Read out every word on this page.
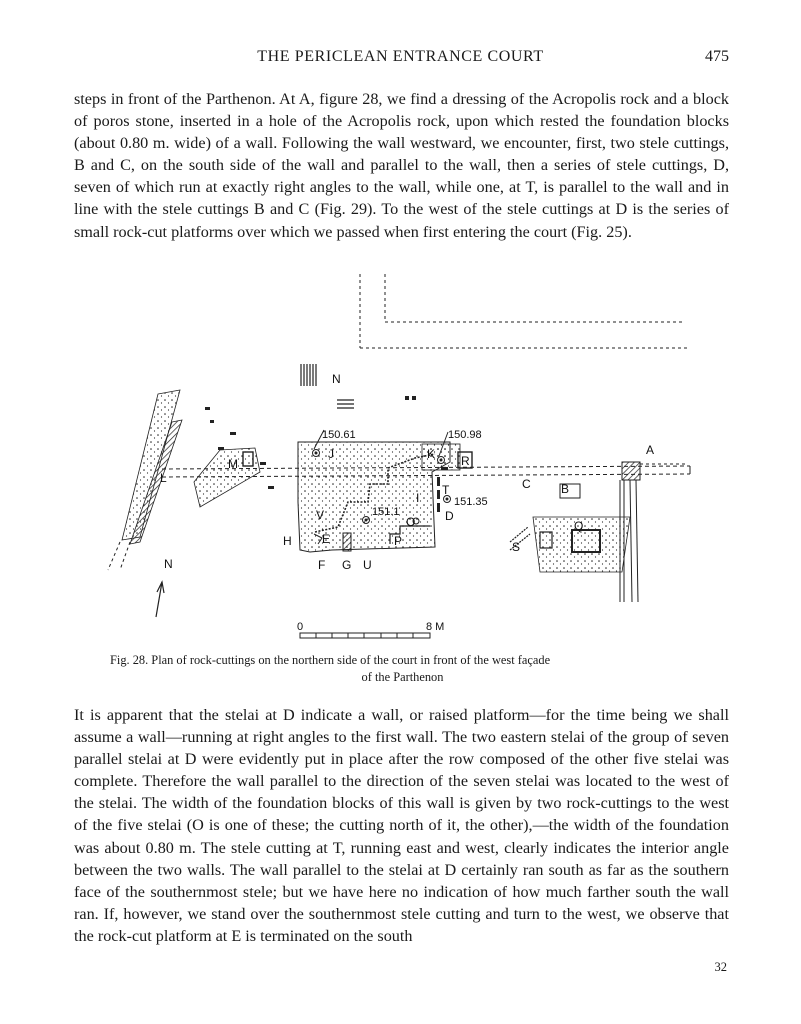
THE PERICLEAN ENTRANCE COURT	475

steps in front of the Parthenon. At A, figure 28, we find a dressing of the Acropolis rock and a block of poros stone, inserted in a hole of the Acropolis rock, upon which rested the foundation blocks (about 0.80 m. wide) of a wall. Following the wall westward, we encounter, first, two stele cuttings, B and C, on the south side of the wall and parallel to the wall, then a series of stele cuttings, D, seven of which run at exactly right angles to the wall, while one, at T, is parallel to the wall and in line with the stele cuttings B and C (Fig. 29). To the west of the stele cuttings at D is the series of small rock-cut platforms over which we passed when first entering the court (Fig. 25).

A
B
C
D
E
F G
H
I
J	K
L
M
N
N
O
P
Q
R
S
T
U
V
150.61	150.98
151.35
151.1
0	8 M
Fig. 28. Plan of rock-cuttings on the northern side of the court in front of the west façade
of the Parthenon

It is apparent that the stelai at D indicate a wall, or raised platform—for the time being we shall assume a wall—running at right angles to the first wall. The two eastern stelai of the group of seven parallel stelai at D were evidently put in place after the row composed of the other five stelai was complete. Therefore the wall parallel to the direction of the seven stelai was located to the west of the stelai. The width of the foundation blocks of this wall is given by two rock-cuttings to the west of the five stelai (O is one of these; the cutting north of it, the other),—the width of the foundation was about 0.80 m. The stele cutting at T, running east and west, clearly indicates the interior angle between the two walls. The wall parallel to the stelai at D certainly ran south as far as the southern face of the southernmost stele; but we have here no indication of how much farther south the wall ran. If, however, we stand over the southernmost stele cutting and turn to the west, we observe that the rock-cut platform at E is terminated on the south

32
